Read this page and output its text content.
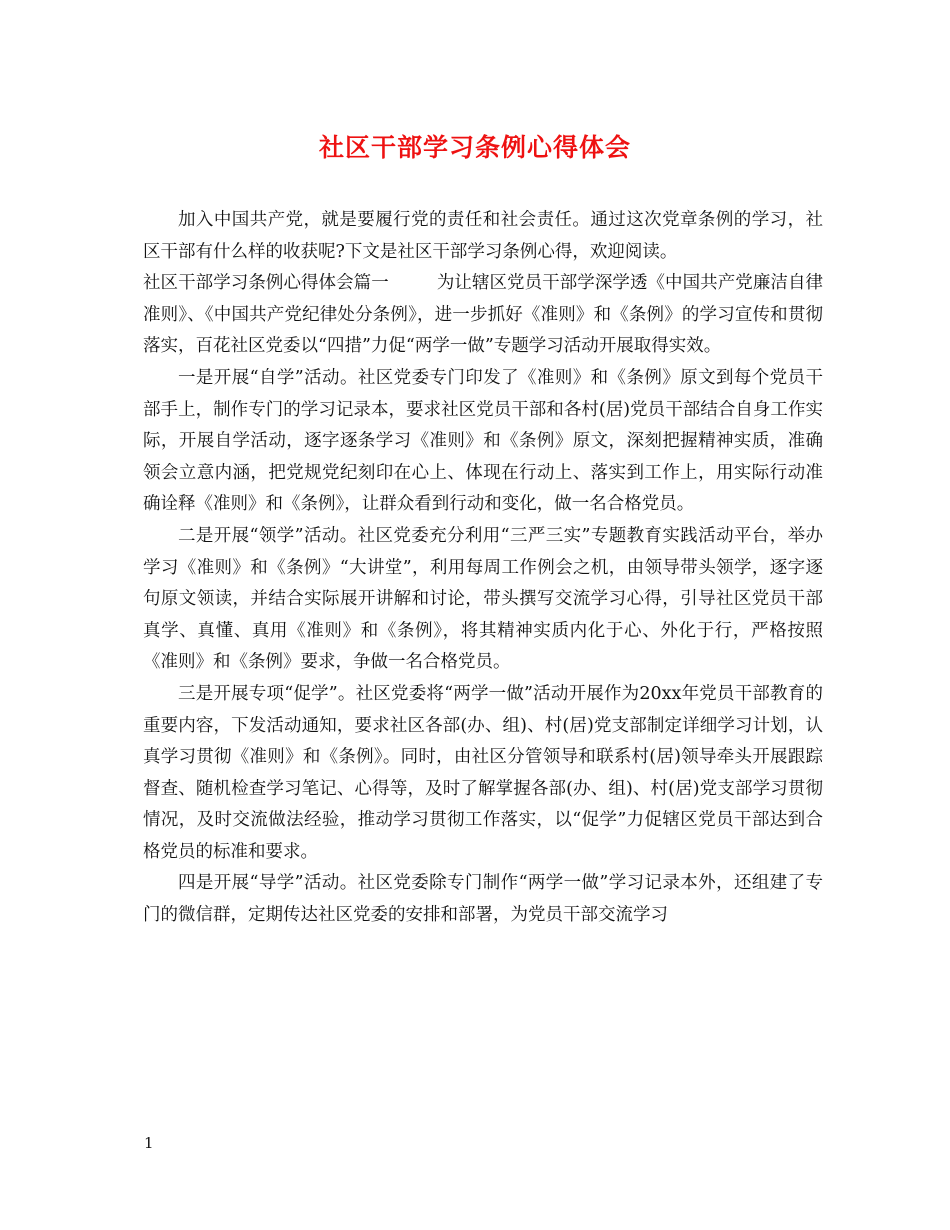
社区干部学习条例心得体会

加入中国共产党，就是要履行党的责任和社会责任。通过这次党章条例的学习，社区干部有什么样的收获呢?下文是社区干部学习条例心得，欢迎阅读。

社区干部学习条例心得体会篇一	为让辖区党员干部学深学透《中国共产党廉洁自律准则》、《中国共产党纪律处分条例》，进一步抓好《准则》和《条例》的学习宣传和贯彻落实，百花社区党委以“四措”力促“两学一做”专题学习活动开展取得实效。

一是开展“自学”活动。社区党委专门印发了《准则》和《条例》原文到每个党员干部手上，制作专门的学习记录本，要求社区党员干部和各村(居)党员干部结合自身工作实际，开展自学活动，逐字逐条学习《准则》和《条例》原文，深刻把握精神实质，准确领会立意内涵，把党规党纪刻印在心上、体现在行动上、落实到工作上，用实际行动准确诠释《准则》和《条例》，让群众看到行动和变化，做一名合格党员。

二是开展“领学”活动。社区党委充分利用“三严三实”专题教育实践活动平台，举办学习《准则》和《条例》“大讲堂”，利用每周工作例会之机，由领导带头领学，逐字逐句原文领读，并结合实际展开讲解和讨论，带头撰写交流学习心得，引导社区党员干部真学、真懂、真用《准则》和《条例》，将其精神实质内化于心、外化于行，严格按照《准则》和《条例》要求，争做一名合格党员。

三是开展专项“促学”。社区党委将“两学一做”活动开展作为20xx年党员干部教育的重要内容，下发活动通知，要求社区各部(办、组)、村(居)党支部制定详细学习计划，认真学习贯彻《准则》和《条例》。同时，由社区分管领导和联系村(居)领导牵头开展跟踪督查、随机检查学习笔记、心得等，及时了解掌握各部(办、组)、村(居)党支部学习贯彻情况，及时交流做法经验，推动学习贯彻工作落实，以“促学”力促辖区党员干部达到合格党员的标准和要求。

四是开展“导学”活动。社区党委除专门制作“两学一做”学习记录本外，还组建了专门的微信群，定期传达社区党委的安排和部署，为党员干部交流学习

1
